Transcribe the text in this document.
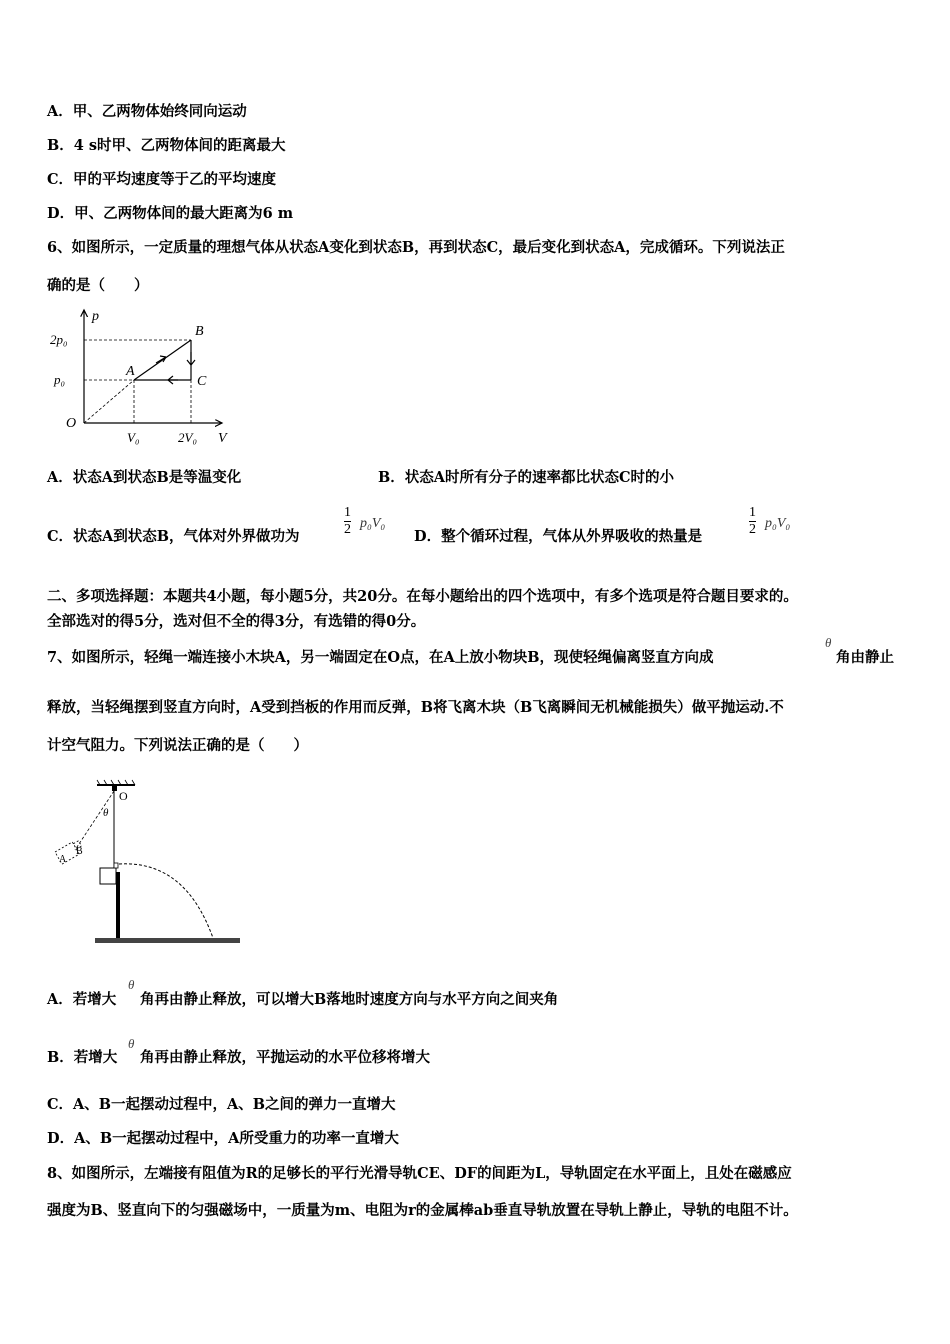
A．甲、乙两物体始终同向运动
B．4 s时甲、乙两物体间的距离最大
C．甲的平均速度等于乙的平均速度
D．甲、乙两物体间的最大距离为6 m
6、如图所示，一定质量的理想气体从状态A变化到状态B，再到状态C，最后变化到状态A，完成循环。下列说法正
确的是（　　）
p
V
O
2p₀
p₀
V₀	2V₀
A
B
C
A．状态A到状态B是等温变化	B．状态A时所有分子的速率都比状态C时的小
C．状态A到状态B，气体对外界做功为	$\frac{1}{2} p_0V_0$
D．整个循环过程，气体从外界吸收的热量是	$\frac{1}{2} p_0V_0$
二、多项选择题：本题共4小题，每小题5分，共20分。在每小题给出的四个选项中，有多个选项是符合题目要求的。
全部选对的得5分，选对但不全的得3分，有选错的得0分。
7、如图所示，轻绳一端连接小木块A，另一端固定在O点，在A上放小物块B，现使轻绳偏离竖直方向成
θ
角由静止
释放，当轻绳摆到竖直方向时，A受到挡板的作用而反弹，B将飞离木块（B飞离瞬间无机械能损失）做平抛运动.不
计空气阻力。下列说法正确的是（　　）
O
θ
A
B
A．若增大
θ
角再由静止释放，可以增大B落地时速度方向与水平方向之间夹角
B．若增大
θ
角再由静止释放，平抛运动的水平位移将增大
C．A、B一起摆动过程中，A、B之间的弹力一直增大
D．A、B一起摆动过程中，A所受重力的功率一直增大
8、如图所示，左端接有阻值为R的足够长的平行光滑导轨CE、DF的间距为L，导轨固定在水平面上，且处在磁感应
强度为B、竖直向下的匀强磁场中，一质量为m、电阻为r的金属棒ab垂直导轨放置在导轨上静止，导轨的电阻不计。
